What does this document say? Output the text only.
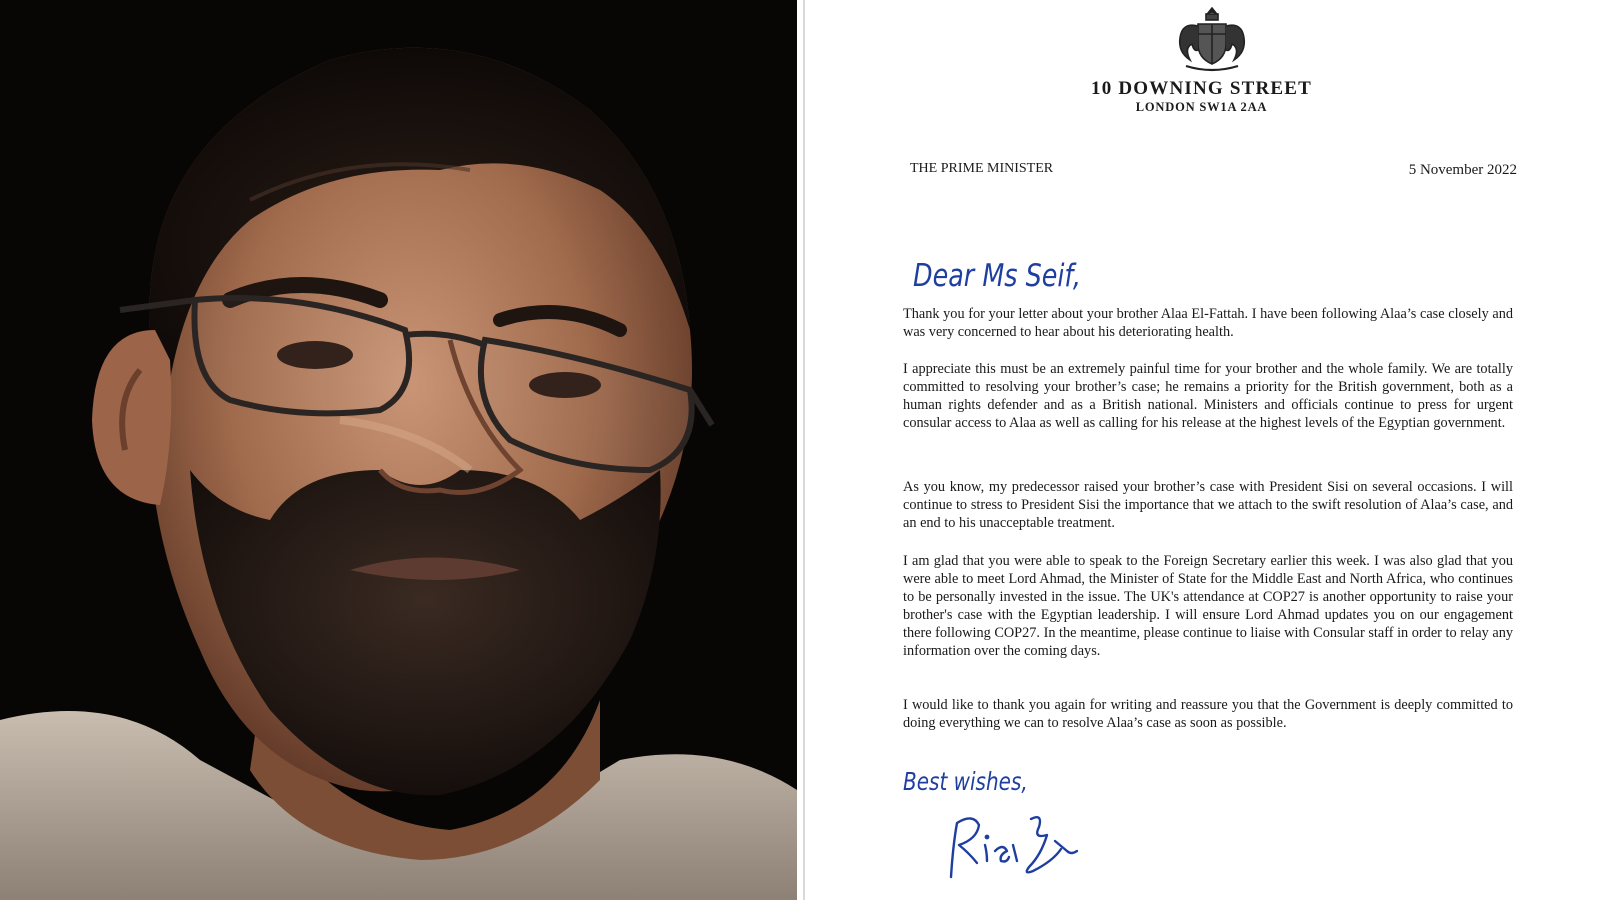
10 DOWNING STREET
LONDON SW1A 2AA
THE PRIME MINISTER	5 November 2022
Dear Ms Seif,

Thank you for your letter about your brother Alaa El-Fattah. I have been following Alaa’s case closely and was very concerned to hear about his deteriorating health.

I appreciate this must be an extremely painful time for your brother and the whole family. We are totally committed to resolving your brother’s case; he remains a priority for the British government, both as a human rights defender and as a British national. Ministers and officials continue to press for urgent consular access to Alaa as well as calling for his release at the highest levels of the Egyptian government.

As you know, my predecessor raised your brother’s case with President Sisi on several occasions. I will continue to stress to President Sisi the importance that we attach to the swift resolution of Alaa’s case, and an end to his unacceptable treatment.

I am glad that you were able to speak to the Foreign Secretary earlier this week. I was also glad that you were able to meet Lord Ahmad, the Minister of State for the Middle East and North Africa, who continues to be personally invested in the issue. The UK's attendance at COP27 is another opportunity to raise your brother's case with the Egyptian leadership. I will ensure Lord Ahmad updates you on our engagement there following COP27. In the meantime, please continue to liaise with Consular staff in order to relay any information over the coming days.

I would like to thank you again for writing and reassure you that the Government is deeply committed to doing everything we can to resolve Alaa’s case as soon as possible.

Best wishes,
